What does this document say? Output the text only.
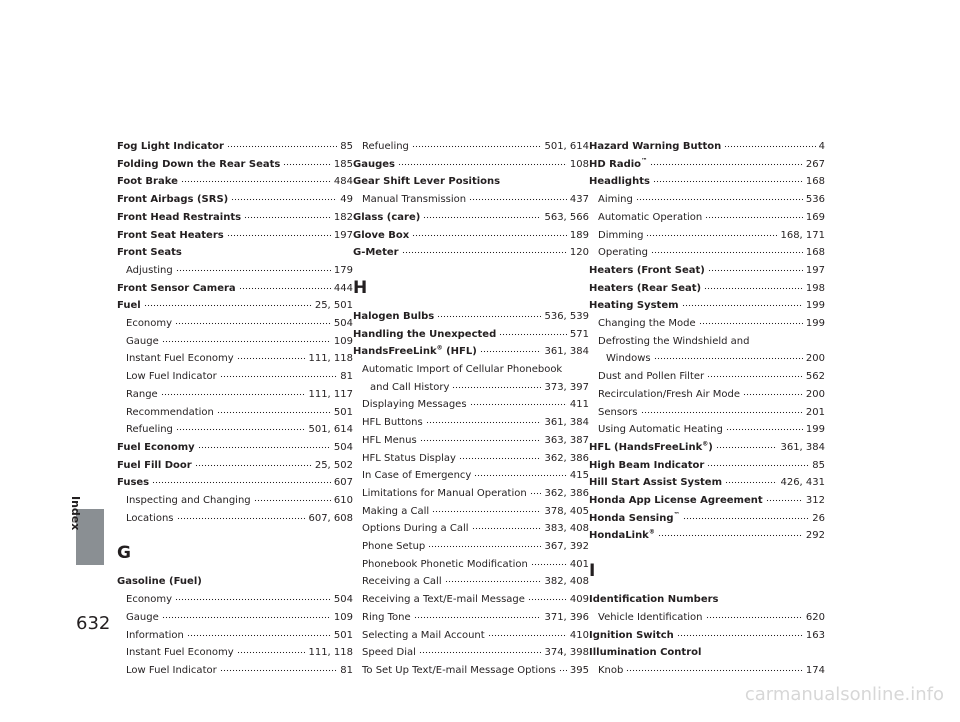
Index
Fog Light Indicator	85
Folding Down the Rear Seats	185
Foot Brake	484
Front Airbags (SRS)	49
Front Head Restraints	182
Front Seat Heaters	197
Front Seats
Adjusting	179
Front Sensor Camera	444
Fuel	25, 501
Economy	504
Gauge	109
Instant Fuel Economy	111, 118
Low Fuel Indicator	81
Range	111, 117
Recommendation	501
Refueling	501, 614
Fuel Economy	504
Fuel Fill Door	25, 502
Fuses	607
Inspecting and Changing	610
Locations	607, 608
G
Gasoline (Fuel)
Economy	504
Gauge	109
Information	501
Instant Fuel Economy	111, 118
Low Fuel Indicator	81
Refueling	501, 614
Gauges	108
Gear Shift Lever Positions
Manual Transmission	437
Glass (care)	563, 566
Glove Box	189
G-Meter	120
H
Halogen Bulbs	536, 539
Handling the Unexpected	571
HandsFreeLink® (HFL)	361, 384
Automatic Import of Cellular Phonebook
and Call History	373, 397
Displaying Messages	411
HFL Buttons	361, 384
HFL Menus	363, 387
HFL Status Display	362, 386
In Case of Emergency	415
Limitations for Manual Operation 362, 386
Making a Call	378, 405
Options During a Call	383, 408
Phone Setup	367, 392
Phonebook Phonetic Modification	401
Receiving a Call	382, 408
Receiving a Text/E-mail Message	409
Ring Tone	371, 396
Selecting a Mail Account	410
Speed Dial	374, 398
To Set Up Text/E-mail Message Options 395
Hazard Warning Button	4
HD Radio™	267
Headlights	168
Aiming	536
Automatic Operation	169
Dimming	168, 171
Operating	168
Heaters (Front Seat)	197
Heaters (Rear Seat)	198
Heating System	199
Changing the Mode	199
Defrosting the Windshield and
Windows	200
Dust and Pollen Filter	562
Recirculation/Fresh Air Mode	200
Sensors	201
Using Automatic Heating	199
HFL (HandsFreeLink®)	361, 384
High Beam Indicator	85
Hill Start Assist System	426, 431
Honda App License Agreement	312
Honda Sensing™	26
HondaLink®	292
I
Identification Numbers
Vehicle Identification	620
Ignition Switch	163
Illumination Control
Knob	174
632
carmanualsonline.info
